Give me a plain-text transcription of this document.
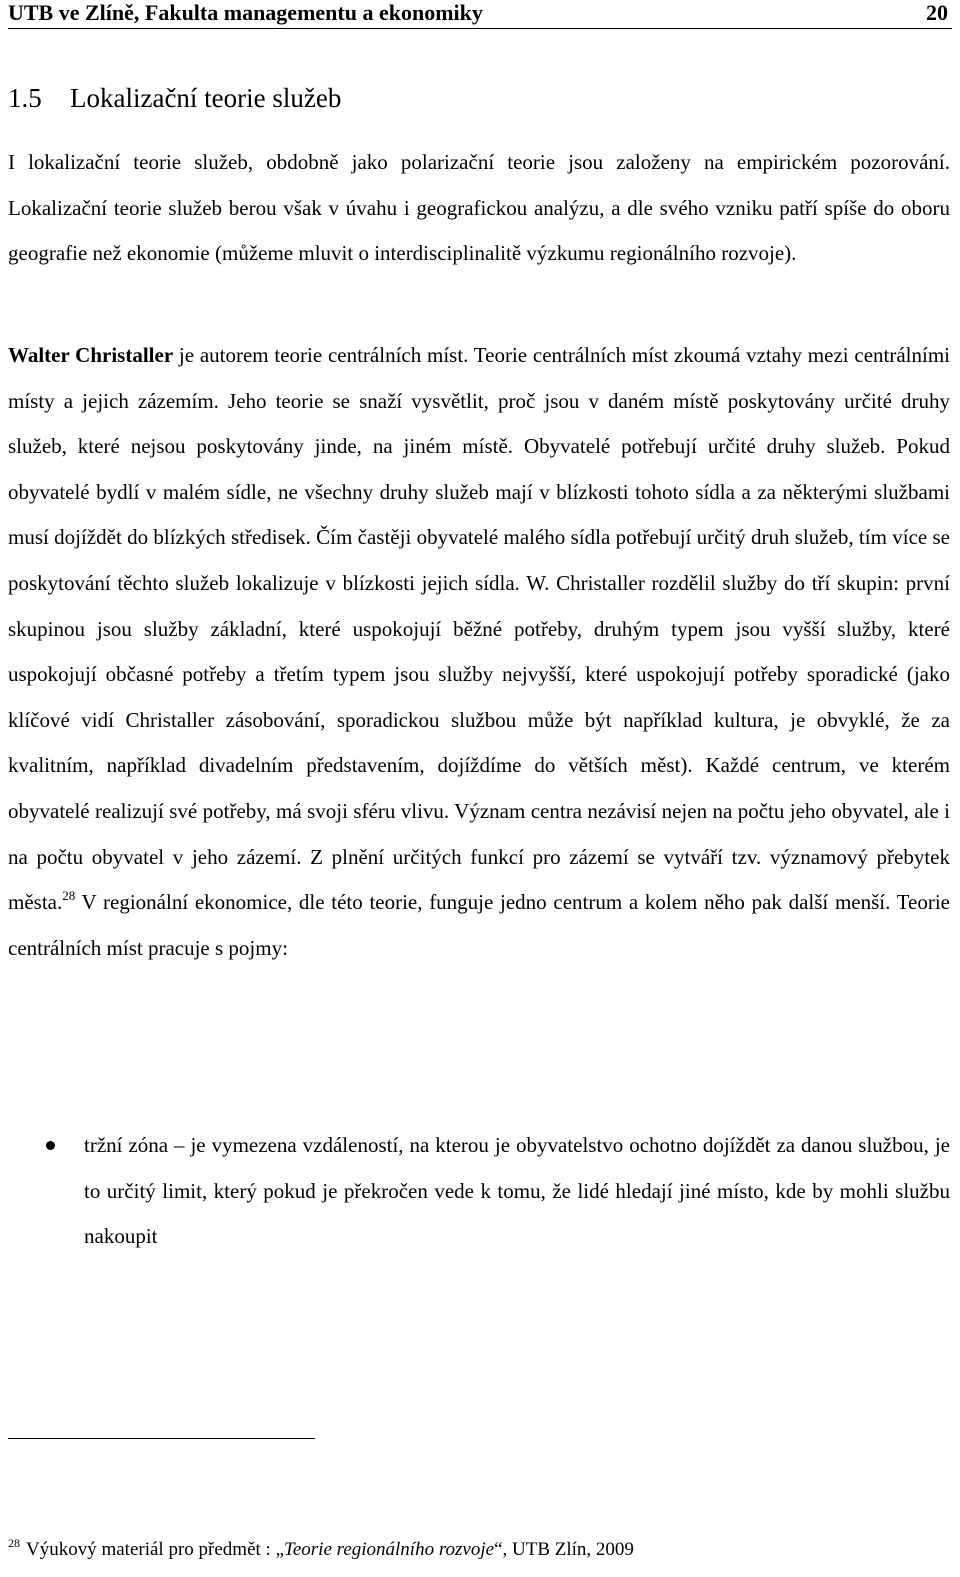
UTB ve Zlíně, Fakulta managementu a ekonomiky	20
1.5 Lokalizační teorie služeb

I lokalizační teorie služeb, obdobně jako polarizační teorie jsou založeny na empirickém pozorování. Lokalizační teorie služeb berou však v úvahu i geografickou analýzu, a dle svého vzniku patří spíše do oboru geografie než ekonomie (můžeme mluvit o interdisciplinalitě výzkumu regionálního rozvoje).

Walter Christaller je autorem teorie centrálních míst. Teorie centrálních míst zkoumá vztahy mezi centrálními místy a jejich zázemím. Jeho teorie se snaží vysvětlit, proč jsou v daném místě poskytovány určité druhy služeb, které nejsou poskytovány jinde, na jiném místě. Obyvatelé potřebují určité druhy služeb. Pokud obyvatelé bydlí v malém sídle, ne všechny druhy služeb mají v blízkosti tohoto sídla a za některými službami musí dojíždět do blízkých středisek. Čím častěji obyvatelé malého sídla potřebují určitý druh služeb, tím více se poskytování těchto služeb lokalizuje v blízkosti jejich sídla. W. Christaller rozdělil služby do tří skupin: první skupinou jsou služby základní, které uspokojují běžné potřeby, druhým typem jsou vyšší služby, které uspokojují občasné potřeby a třetím typem jsou služby nejvyšší, které uspokojují potřeby sporadické (jako klíčové vidí Christaller zásobování, sporadickou službou může být například kultura, je obvyklé, že za kvalitním, například divadelním představením, dojíždíme do větších měst). Každé centrum, ve kterém obyvatelé realizují své potřeby, má svoji sféru vlivu. Význam centra nezávisí nejen na počtu jeho obyvatel, ale i na počtu obyvatel v jeho zázemí. Z plnění určitých funkcí pro zázemí se vytváří tzv. významový přebytek města.$^{28}$ V regionální ekonomice, dle této teorie, funguje jedno centrum a kolem něho pak další menší. Teorie centrálních míst pracuje s pojmy:

tržní zóna – je vymezena vzdáleností, na kterou je obyvatelstvo ochotno dojíždět za danou službou, je to určitý limit, který pokud je překročen vede k tomu, že lidé hledají jiné místo, kde by mohli službu nakoupit
$^{28}$ Výukový materiál pro předmět : „Teorie regionálního rozvoje“, UTB Zlín, 2009
